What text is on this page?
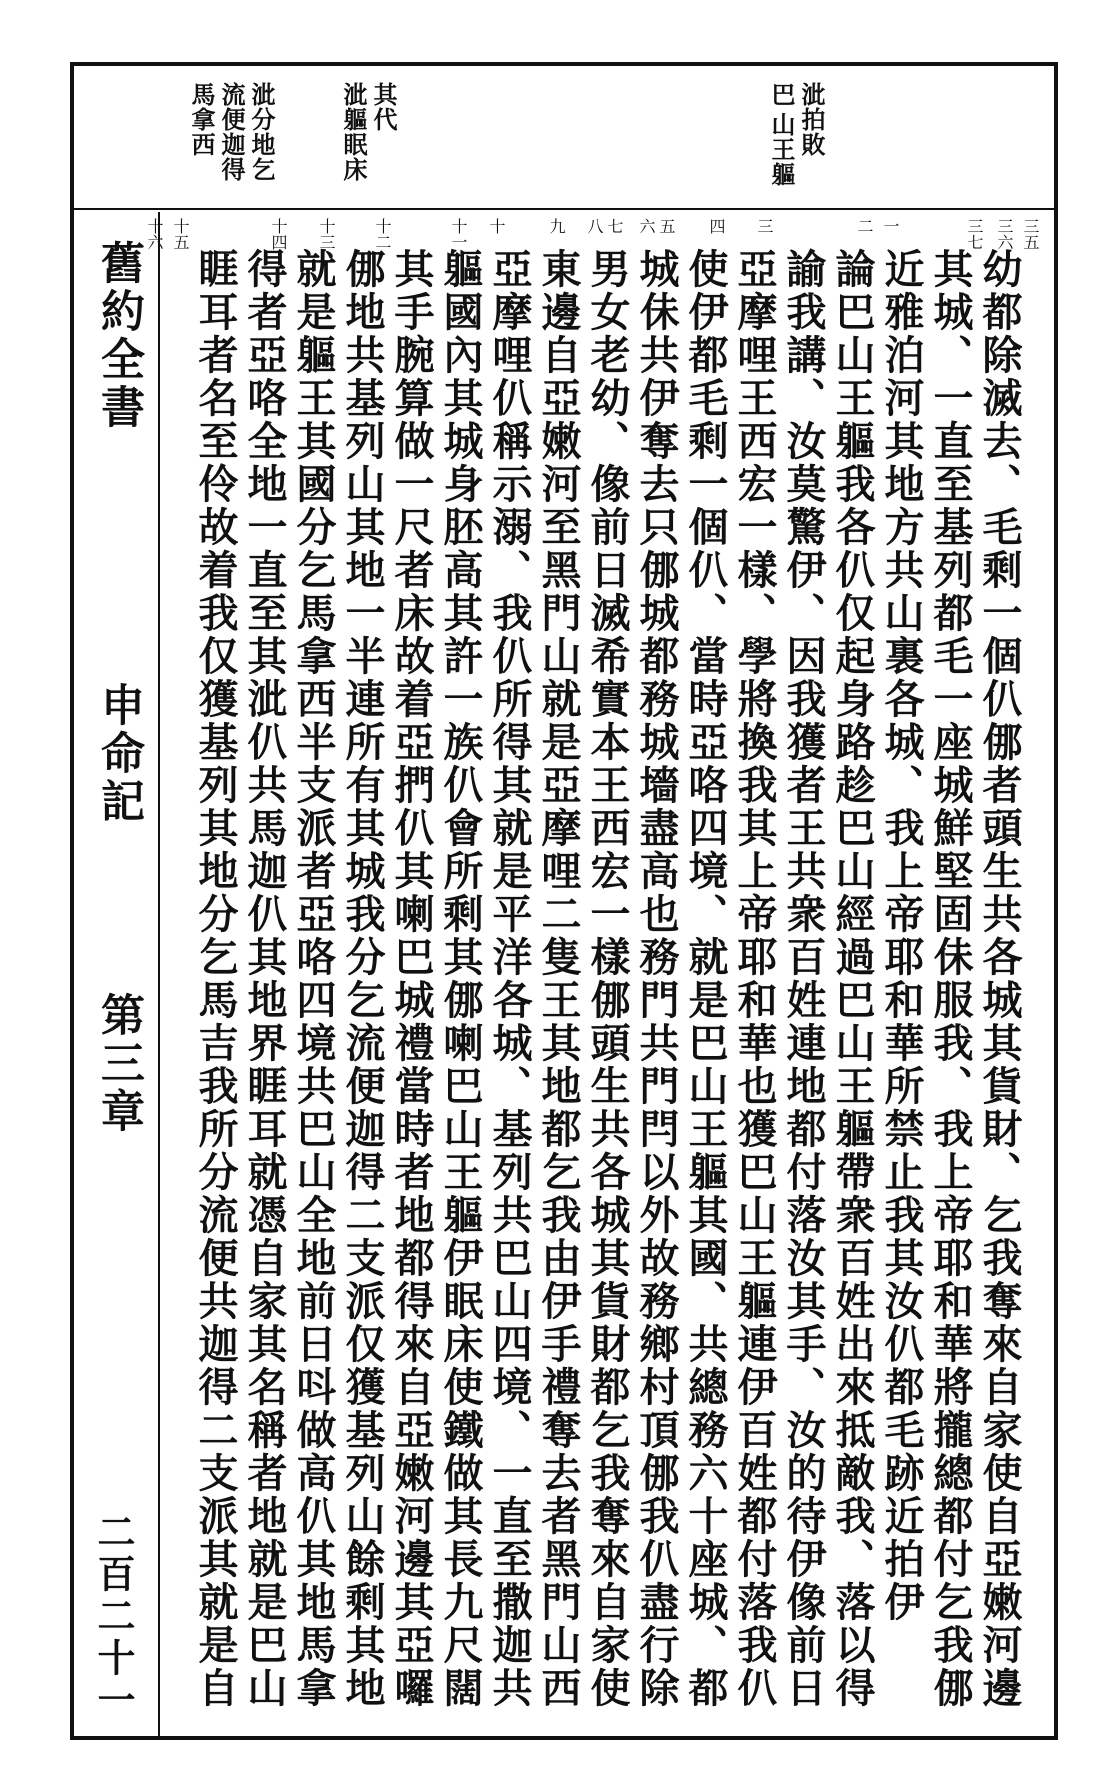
泚拍敗
巴
山王軀
泚軀眠床 其代
泚分地乞
流便迦得
馬拿西
舊約全書
申命記
第三章
二百二十一
三五
三六
三七
一
二
三
四
五
六
七
八
九
十
十一
十二
十三
十四
十五
十六
幼都除滅去、毛剩一個仈㑚者頭生共各城其貨財、乞我奪來自家使自亞嫩河邊
其城、一直至基列都毛一座城鮮堅固佅服我、我上帝耶和華將攏總都付乞我㑚
近雅泊河其地方共山裏各城、我上帝耶和華所禁止我其汝仈都毛跡近拍伊
論巴山王軀我各仈仅起身路趁巴山經過巴山王軀帶衆百姓出來抵敵我、落以得
諭我講、汝莫驚伊、因我獲者王共衆百姓連地都付落汝其手、汝的待伊像前日
亞摩哩王西宏一樣、學將換我其上帝耶和華也獲巴山王軀連伊百姓都付落我仈
使伊都毛剩一個仈、當時亞咯四境、就是巴山王軀其國、共總務六十座城、都
城佅共伊奪去只㑚城都務城墻盡高也務門共門閂以外故務鄉村頂㑚我仈盡行除
男女老幼、像前日滅希實本王西宏一樣㑚頭生共各城其貨財都乞我奪來自家使
東邊自亞嫩河至黑門山就是亞摩哩二隻王其地都乞我由伊手禮奪去者黑門山西
亞摩哩仈稱示溺、我仈所得其就是平洋各城、基列共巴山四境、一直至撒迦共
軀國內其城身胚高其許一族仈會所剩其㑚喇巴山王軀伊眠床使鐵做其長九尺闊
其手腕算做一尺者床故着亞捫仈其喇巴城禮當時者地都得來自亞嫩河邊其亞囉
㑚地共基列山其地一半連所有其城我分乞流便迦得二支派仅獲基列山餘剩其地
就是軀王其國分乞馬拿西半支派者亞咯四境共巴山全地前日呌做高仈其地馬拿
得者亞咯全地一直至其泚仈共馬迦仈其地界睚耳就憑自家其名稱者地就是巴山
睚耳者名至伶故着我仅獲基列其地分乞馬吉我所分流便共迦得二支派其就是自
